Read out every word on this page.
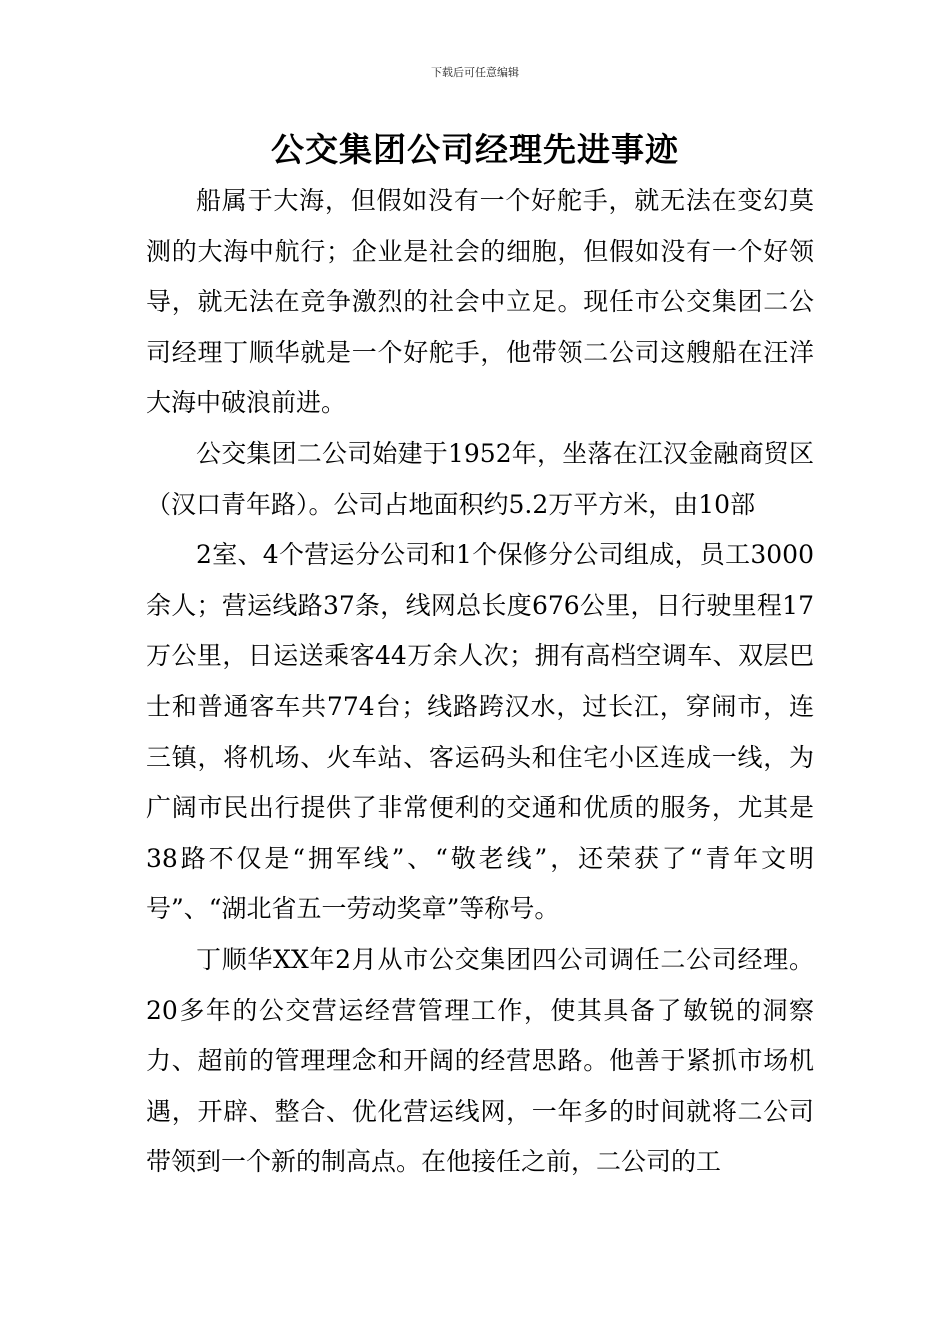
下载后可任意编辑
公交集团公司经理先进事迹

船属于大海，但假如没有一个好舵手，就无法在变幻莫测的大海中航行；企业是社会的细胞，但假如没有一个好领导，就无法在竞争激烈的社会中立足。现任市公交集团二公司经理丁顺华就是一个好舵手，他带领二公司这艘船在汪洋大海中破浪前进。

公交集团二公司始建于1952年，坐落在江汉金融商贸区（汉口青年路）。公司占地面积约5.2万平方米，由10部

2室、4个营运分公司和1个保修分公司组成，员工3000余人；营运线路37条，线网总长度676公里，日行驶里程17万公里，日运送乘客44万余人次；拥有高档空调车、双层巴士和普通客车共774台；线路跨汉水，过长江，穿闹市，连三镇，将机场、火车站、客运码头和住宅小区连成一线，为广阔市民出行提供了非常便利的交通和优质的服务，尤其是38路不仅是“拥军线”、“敬老线”，还荣获了“青年文明号”、“湖北省五一劳动奖章”等称号。

丁顺华XX年2月从市公交集团四公司调任二公司经理。20多年的公交营运经营管理工作，使其具备了敏锐的洞察力、超前的管理理念和开阔的经营思路。他善于紧抓市场机遇，开辟、整合、优化营运线网，一年多的时间就将二公司带领到一个新的制高点。在他接任之前，二公司的工
